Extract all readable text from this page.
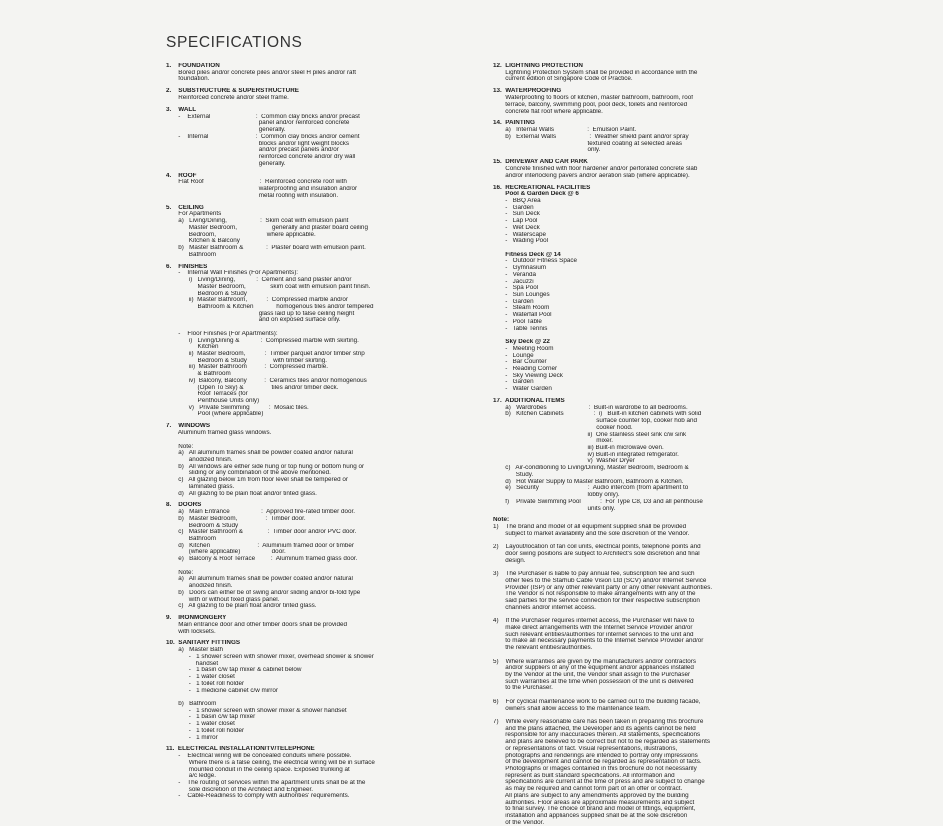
SPECIFICATIONS
1.    FOUNDATION
Bored piles and/or concrete piles and/or steel H piles and/or raft
foundation.
2.    SUBSTRUCTURE & SUPERSTRUCTURE
Reinforced concrete and/or steel frame.
3.    WALL
-    External                          :  Common clay bricks and/or precast
panel and/or reinforced concrete
generally.
-    Internal                           :  Common clay bricks and/or cement
blocks and/or light weight blocks
and/or precast panels and/or
reinforced concrete and/or dry wall
generally.
4.    ROOF
Flat Roof                                :  Reinforced concrete roof with
waterproofing and insulation and/or
metal roofing with insulation.
5.    CEILING
For Apartments
a)   Living/Dining,                   :  Skim coat with emulsion paint
Master Bedroom,                    generally and plaster board ceiling
Bedroom,                             where applicable.
Kitchen & Balcony
b)   Master Bathroom &             :  Plaster board with emulsion paint.
Bathroom
6.    FINISHES
-    Internal Wall Finishes (For Apartments):
i)   Living/Dining,            :  Cement and sand plaster and/or
Master Bedroom,              skim coat with emulsion paint finish.
Bedroom & Study
ii)  Master Bathroom,           :  Compressed marble and/or
Bathroom & Kitchen             homogenous tiles and/or tempered
glass laid up to false ceiling height
and on exposed surface only.

-    Floor Finishes (For Apartments):
i)   Living/Dining &            :  Compressed marble with skirting.
Kitchen
ii)  Master Bedroom,           :  Timber parquet and/or timber strip
Bedroom & Study               with timber skirting.
iii)  Master Bathroom          :  Compressed marble.
& Bathroom
iv)  Balcony, Balcony          :  Ceramics tiles and/or homogenous
(Open To Sky) &                tiles and/or timber deck.
Roof Terraces (for
Penthouse Units only)
v)   Private Swimming           :  Mosaic tiles.
Pool (where applicable)
7.    WINDOWS
Aluminum framed glass windows.

Note:
a)   All aluminum frames shall be powder coated and/or natural
anodized finish.
b)   All windows are either side hung or top hung or bottom hung or
sliding or any combination of the above mentioned.
c)   All glazing below 1m from floor level shall be tempered or
laminated glass.
d)   All glazing to be plain float and/or tinted glass.
8.    DOORS
a)   Main Entrance                  :  Approved fire-rated timber door.
b)   Master Bedroom,                :  Timber door.
Bedroom & Study
c)   Master Bathroom &              :  Timber door and/or PVC door.
Bathroom
d)   Kitchen                           :  Aluminium framed door or timber
(where applicable)                  door.
e)   Balcony & Roof Terrace         :  Aluminum framed glass door.

Note:
a)   All aluminum frames shall be powder coated and/or natural
anodized finish.
b)   Doors can either be of swing and/or sliding and/or bi-fold type
with or without fixed glass panel.
c)   All glazing to be plain float and/or tinted glass.
9.    IRONMONGERY
Main entrance door and other timber doors shall be provided
with locksets.
10.  SANITARY FITTINGS
a)   Master Bath
-   1 shower screen with shower mixer, overhead shower & shower
handset
-   1 basin c/w tap mixer & cabinet below
-   1 water closet
-   1 toilet roll holder
-   1 medicine cabinet c/w mirror

b)   Bathroom
-   1 shower screen with shower mixer & shower handset
-   1 basin c/w tap mixer
-   1 water closet
-   1 toilet roll holder
-   1 mirror
11.  ELECTRICAL INSTALLATION/TV/TELEPHONE
-    Electrical wiring will be concealed conduits where possible.
Where there is a false ceiling, the electrical wiring will be in surface
mounted conduit in the ceiling space. Exposed trunking at
a/c ledge.
-    The routing of services within the apartment units shall be at the
sole discretion of the Architect and Engineer.
-    Cable-Readiness to comply with authorities' requirements.
12.  LIGHTNING PROTECTION
Lightning Protection System shall be provided in accordance with the
current edition of Singapore Code of Practice.
13.  WATERPROOFING
Waterproofing to floors of kitchen, master bathroom, bathroom, roof
terrace, balcony, swimming pool, pool deck, toilets and reinforced
concrete flat roof where applicable.
14.  PAINTING
a)   Internal Walls                   :  Emulsion Paint.
b)   External Walls                   :  Weather shield paint and/or spray
textured coating at selected areas
only.
15.  DRIVEWAY AND CAR PARK
Concrete finished with floor hardener and/or perforated concrete slab
and/or interlocking pavers and/or aeration slab (where applicable).
16.  RECREATIONAL FACILITIES
Pool & Garden Deck @ 6
-   BBQ Area
-   Garden
-   Sun Deck
-   Lap Pool
-   Wet Deck
-   Waterscape
-   Wading Pool

Fitness Deck @ 14
-   Outdoor Fitness Space
-   Gymnasium
-   Veranda
-   Jacuzzi
-   Spa Pool
-   Sun Lounges
-   Garden
-   Steam Room
-   Waterfall Pool
-   Pool Table
-   Table Tennis

Sky Deck @ 22
-   Meeting Room
-   Lounge
-   Bar Counter
-   Reading Corner
-   Sky Viewing Deck
-   Garden
-   Water Garden
17.  ADDITIONAL ITEMS
a)   Wardrobes                        :  Built-in wardrobe to all bedrooms.
b)   Kitchen Cabinets                 :  i)   Built-in kitchen cabinets with solid
surface counter top, cooker hob and
cooker hood.
ii)  One stainless steel sink c/w sink
mixer.
iii) Built-in microwave oven.
iv) Built-in integrated refrigerator.
v)  Washer Dryer
c)   Air-conditioning to Living/Dining, Master Bedroom, Bedroom &
Study.
d)   Hot Water Supply to Master Bathroom, Bathroom & Kitchen.
e)   Security                            :  Audio intercom (from apartment to
lobby only).
f)    Private Swimming Pool           :  For Type C8, D3 and all penthouse
units only.
Note:
1)    The brand and model of all equipment supplied shall be provided
subject to market availability and the sole discretion of the Vendor.

2)    Layout/location of fan coil units, electrical points, telephone points and
door swing positions are subject to Architect's sole discretion and final
design.

3)    The Purchaser is liable to pay annual fee, subscription fee and such
other fees to the Starhub Cable Vision Ltd (SCV) and/or Internet Service
Provider (ISP) or any other relevant party or any other relevant authorities.
The Vendor is not responsible to make arrangements with any of the
said parties for the service connection for their respective subscription
channels and/or internet access.

4)    If the Purchaser requires internet access, the Purchaser will have to
make direct arrangements with the Internet Service Provider and/or
such relevant entities/authorities for internet services to the unit and
to make all necessary payments to the Internet Service Provider and/or
the relevant entities/authorities.

5)    Where warranties are given by the manufacturers and/or contractors
and/or suppliers of any of the equipment and/or appliances installed
by the Vendor at the unit, the Vendor shall assign to the Purchaser
such warranties at the time when possession of the unit is delivered
to the Purchaser.

6)    For cyclical maintenance work to be carried out to the building facade,
owners shall allow access to the maintenance team.

7)    While every reasonable care has been taken in preparing this brochure
and the plans attached, the Developer and its agents cannot be held
responsible for any inaccuracies therein. All statements, specifications
and plans are believed to be correct but not to be regarded as statements
or representations of fact. Visual representations, illustrations,
photographs and renderings are intended to portray only impressions
of the development and cannot be regarded as representation of facts.
Photographs or images contained in this brochure do not necessarily
represent as built standard specifications. All information and
specifications are current at the time of press and are subject to change
as may be required and cannot form part of an offer or contract.
All plans are subject to any amendments approved by the building
authorities. Floor areas are approximate measurements and subject
to final survey. The choice of brand and model of fittings, equipment,
installation and appliances supplied shall be at the sole discretion
of the Vendor.
